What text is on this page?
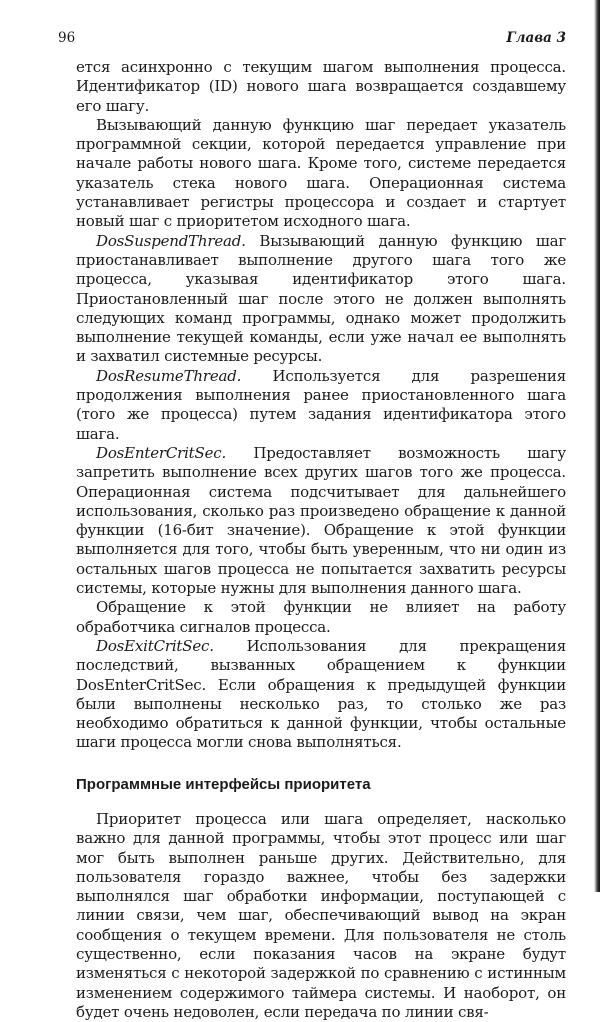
96	Глава 3

ется асинхронно с текущим шагом выполнения процесса. Идентификатор (ID) нового шага возвращается создавшему его шагу.

Вызывающий данную функцию шаг передает указатель программной секции, которой передается управление при начале работы нового шага. Кроме того, системе передается указатель стека нового шага. Операционная система устанавливает регистры процессора и создает и стартует новый шаг с приоритетом исходного шага.

DosSuspendThread. Вызывающий данную функцию шаг приостанавливает выполнение другого шага того же процесса, указывая идентификатор этого шага. Приостановленный шаг после этого не должен выполнять следующих команд программы, однако может продолжить выполнение текущей команды, если уже начал ее выполнять и захватил системные ресурсы.

DosResumeThread. Используется для разрешения продолжения выполнения ранее приостановленного шага (того же процесса) путем задания идентификатора этого шага.

DosEnterCritSec. Предоставляет возможность шагу запретить выполнение всех других шагов того же процесса. Операционная система подсчитывает для дальнейшего использования, сколько раз произведено обращение к данной функции (16-бит значение). Обращение к этой функции выполняется для того, чтобы быть уверенным, что ни один из остальных шагов процесса не попытается захватить ресурсы системы, которые нужны для выполнения данного шага.

Обращение к этой функции не влияет на работу обработчика сигналов процесса.

DosExitCritSec. Использования для прекращения последствий, вызванных обращением к функции DosEnterCritSec. Если обращения к предыдущей функции были выполнены несколько раз, то столько же раз необходимо обратиться к данной функции, чтобы остальные шаги процесса могли снова выполняться.

Программные интерфейсы приоритета

Приоритет процесса или шага определяет, насколько важно для данной программы, чтобы этот процесс или шаг мог быть выполнен раньше других. Действительно, для пользователя гораздо важнее, чтобы без задержки выполнялся шаг обработки информации, поступающей с линии связи, чем шаг, обеспечивающий вывод на экран сообщения о текущем времени. Для пользователя не столь существенно, если показания часов на экране будут изменяться с некоторой задержкой по сравнению с истинным изменением содержимого таймера системы. И наоборот, он будет очень недоволен, если передача по линии свя-
